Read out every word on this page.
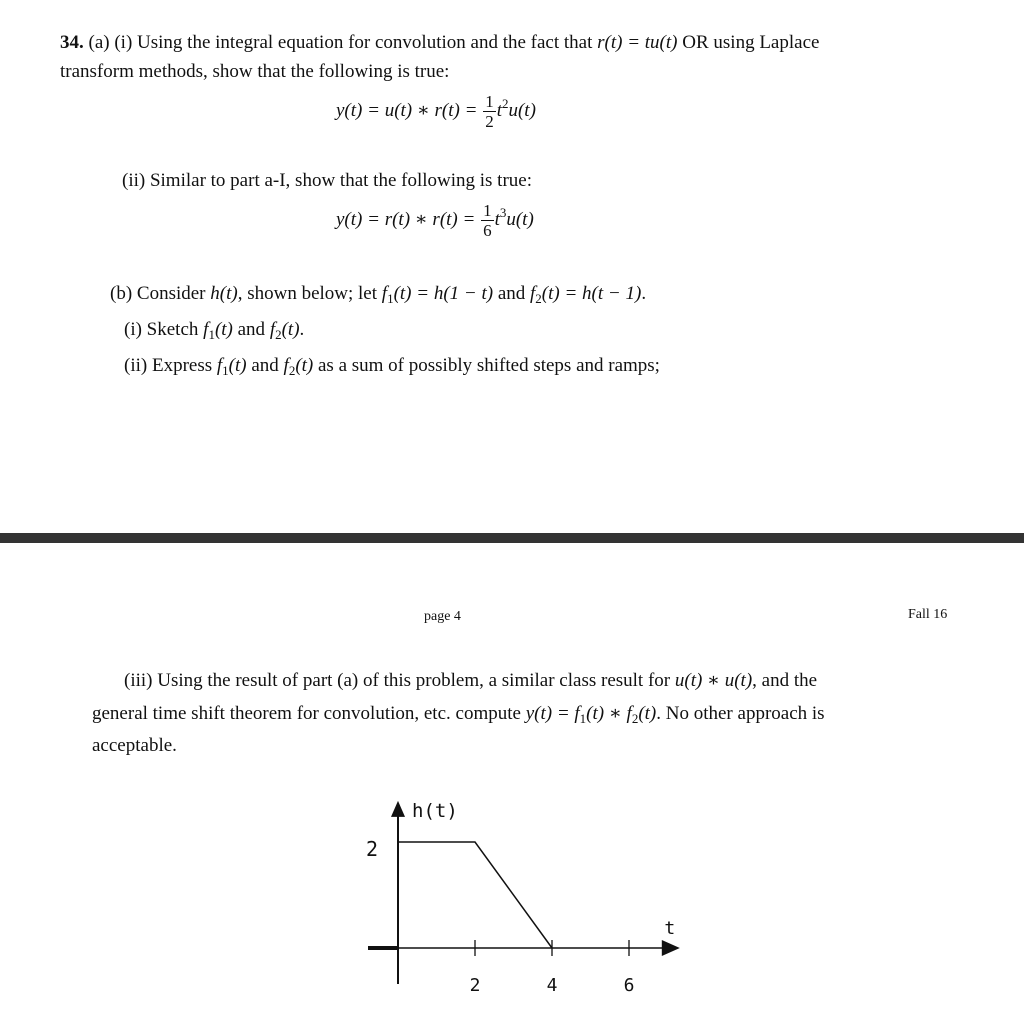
34. (a) (i) Using the integral equation for convolution and the fact that r(t) = tu(t) OR using Laplace
transform methods, show that the following is true:
y(t) = u(t) ∗ $r(t) = \frac{1}{2} t^2u(t)$
(ii) Similar to part a-I, show that the following is true:
y(t) = r(t) ∗ $r(t) = \frac{1}{6} t^3u(t)$
(b) Consider h(t), shown below; let $f_1(t) = h(1 - t)$ and $f_2(t) = h(t - 1)$.
(i) Sketch $f_1(t)$ and $f_2(t)$.
(ii) Express $f_1(t)$ and $f_2(t)$ as a sum of possibly shifted steps and ramps;
page 4	Fall 16
(iii) Using the result of part (a) of this problem, a similar class result for u(t) ∗ u(t), and the
general time shift theorem for convolution, etc. compute $y(t) = f_1(t)$ ∗ $f_2(t)$. No other approach is
acceptable.
2	4	6
2
h(t)
t
